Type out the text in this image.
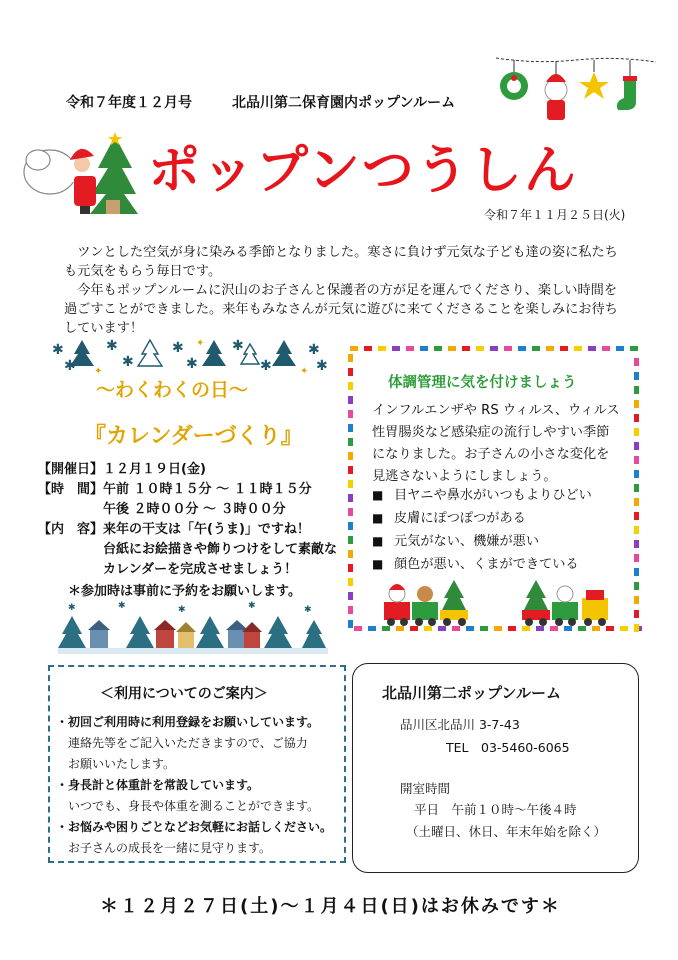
令和７年度１２月号	北品川第二保育園内ポップンルーム
ポップンつうしん
令和７年１１月２５日(火)

ツンとした空気が身に染みる季節となりました。寒さに負けず元気な子ども達の姿に私たちも元気をもらう毎日です。

今年もポップンルームに沢山のお子さんと保護者の方が足を運んでくださり、楽しい時間を過ごすことができました。来年もみなさんが元気に遊びに来てくださることを楽しみにお待ちしています！

✱	✱
✱
✱
✱
✱
✱
✱
✱
✱ ✦
✦
✦
～わくわくの日～
『カレンダーづくり』
【開催日】 １２月１９日(金)
【時　間】 午前 １０時１５分 ～ １１時１５分
午後 ２時００分 ～ ３時００分
【内　容】 来年の干支は「午(うま)」ですね！
台紙にお絵描きや飾りつけをして素敵な
カレンダーを完成させましょう！
＊参加時は事前に予約をお願いします。
✱	✱	✱	✱	✱
体調管理に気を付けましょう
インフルエンザや RS ウィルス、ウィルス性胃腸炎など感染症の流行しやすい季節になりました。お子さんの小さな変化を見逃さないようにしましょう。
■ 目ヤニや鼻水がいつもよりひどい
■ 皮膚にぽつぽつがある
■ 元気がない、機嫌が悪い
■ 顔色が悪い、くまができている
＜利用についてのご案内＞
・初回ご利用時に利用登録をお願いしています。
連絡先等をご記入いただきますので、ご協力
お願いいたします。
・身長計と体重計を常設しています。
いつでも、身長や体重を測ることができます。
・お悩みや困りごとなどお気軽にお話しください。
お子さんの成長を一緒に見守ります。
北品川第二ポップンルーム
品川区北品川 3-7-43
TEL　03-5460-6065
開室時間
平日　午前１０時～午後４時
（土曜日、休日、年末年始を除く）
＊１２月２７日(土)～１月４日(日)はお休みです＊
